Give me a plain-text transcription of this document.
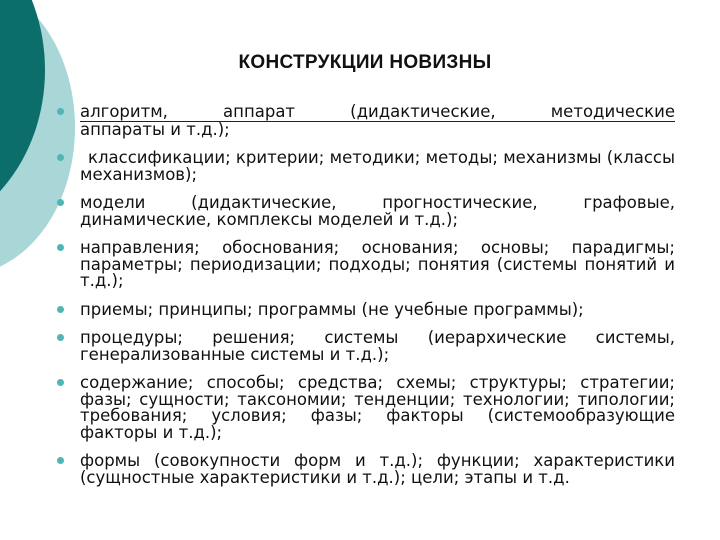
КОНСТРУКЦИИ НОВИЗНЫ
алгоритм, аппарат (дидактические, методические
аппараты и т.д.);
классификации; критерии; методики; методы; механизмы (классы механизмов);
модели (дидактические, прогностические, графовые, динамические, комплексы моделей и т.д.);
направления; обоснования; основания; основы; парадигмы; параметры; периодизации; подходы; понятия (системы понятий и т.д.);
приемы; принципы; программы (не учебные программы);
процедуры; решения; системы (иерархические системы, генерализованные системы и т.д.);
содержание; способы; средства; схемы; структуры; стратегии; фазы; сущности; таксономии; тенденции; технологии; типологии; требования; условия; фазы; факторы (системообразующие факторы и т.д.);
формы (совокупности форм и т.д.); функции; характеристики (сущностные характеристики и т.д.); цели; этапы и т.д.
